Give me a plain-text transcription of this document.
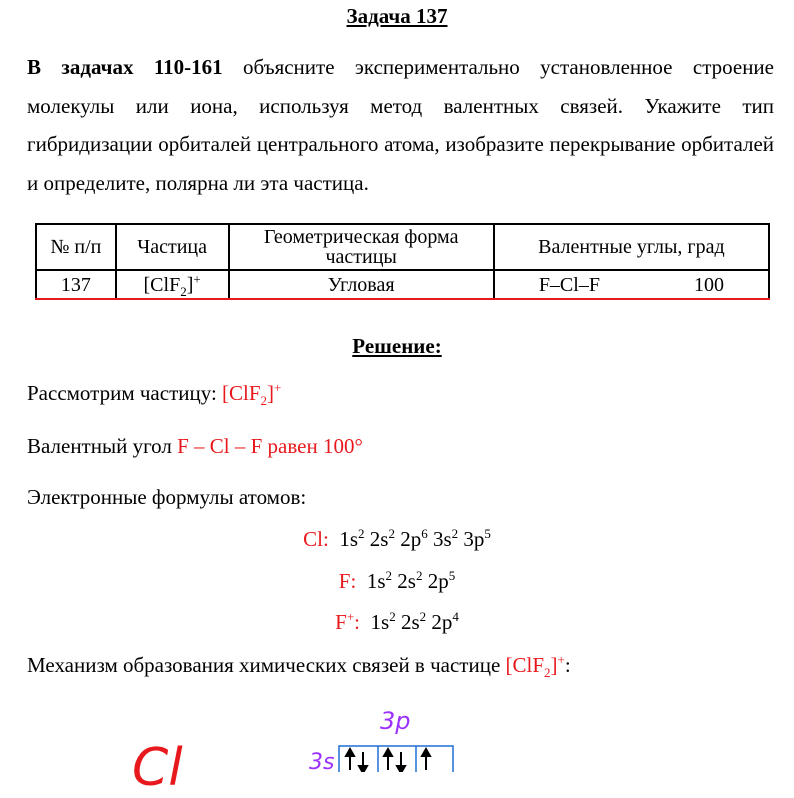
Задача 137
В задачах 110-161 объясните экспериментально установленное строение молекулы или иона, используя метод валентных связей. Укажите тип гибридизации орбиталей центрального атома, изобразите перекрывание орбиталей и определите, полярна ли эта частица.
№ п/п	Частица	Геометрическая форма частицы	Валентные углы, град
137	[ClF$_2$]+	Угловая	F–Cl–F 100
Решение:
Рассмотрим частицу: [ClF$_2$]+
Валентный угол F – Cl – F равен 100°
Электронные формулы атомов:
Cl: $1s^2$ $2s^2$ $2p^6$ $3s^2$ $3p^5$
F: $1s^2$ $2s^2$ $2p^5$
F+: $1s^2$ $2s^2$ $2p^4$
Механизм образования химических связей в частице [ClF$_2$]+:
Cl
3p
3s
